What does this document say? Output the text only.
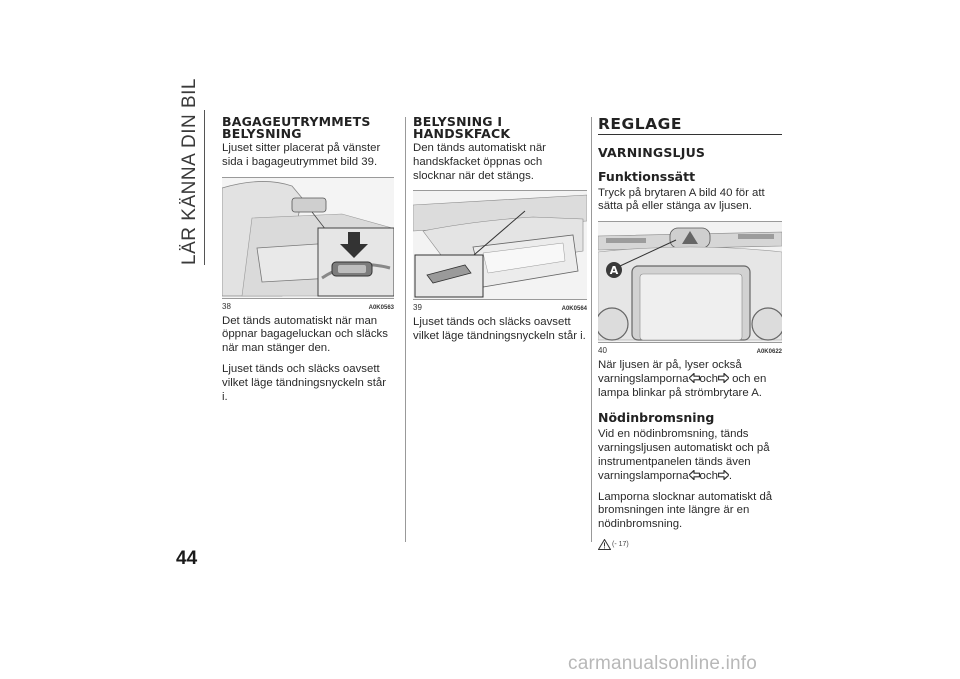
LÄR KÄNNA DIN BIL
44
BAGAGEUTRYMMETS BELYSNING

Ljuset sitter placerat på vänster sida i bagageutrymmet bild 39.

38	A0K0563

Det tänds automatiskt när man öppnar bagageluckan och släcks när man stänger den.

Ljuset tänds och släcks oavsett vilket läge tändningsnyckeln står i.

BELYSNING I HANDSKFACK

Den tänds automatiskt när handskfacket öppnas och slocknar när det stängs.

39	A0K0564

Ljuset tänds och släcks oavsett vilket läge tändningsnyckeln står i.

REGLAGE
VARNINGSLJUS
Funktionssätt

Tryck på brytaren A bild 40 för att sätta på eller stänga av ljusen.

A
40	A0K0622

När ljusen är på, lyser också varningslamporna och och en lampa blinkar på strömbrytare A.

Nödinbromsning

Vid en nödinbromsning, tänds varningsljusen automatiskt och på instrumentpanelen tänds även varningslamporna och .

Lamporna slocknar automatiskt då bromsningen inte längre är en nödinbromsning.

(- 17)
carmanualsonline.info
